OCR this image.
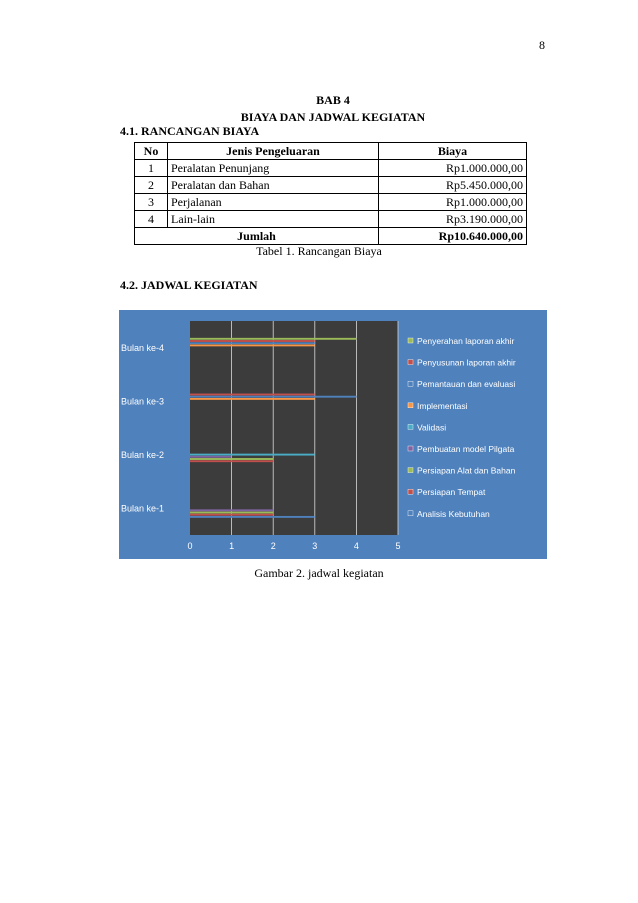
8
BAB 4
BIAYA DAN JADWAL KEGIATAN
4.1. RANCANGAN BIAYA
No	Jenis Pengeluaran	Biaya
1	Peralatan Penunjang	Rp1.000.000,00
2	Peralatan dan Bahan	Rp5.450.000,00
3	Perjalanan	Rp1.000.000,00
4	Lain-lain	Rp3.190.000,00
Jumlah		Rp10.640.000,00
Tabel 1. Rancangan Biaya
4.2. JADWAL KEGIATAN
0	1	2	3	4	5
Bulan ke-1
Bulan ke-2
Bulan ke-3
Bulan ke-4
Penyerahan laporan akhir
Penyusunan laporan akhir
Pemantauan dan evaluasi
Implementasi
Validasi
Pembuatan model Pilgata
Persiapan Alat dan Bahan
Persiapan Tempat
Analisis Kebutuhan
Gambar 2. jadwal kegiatan
